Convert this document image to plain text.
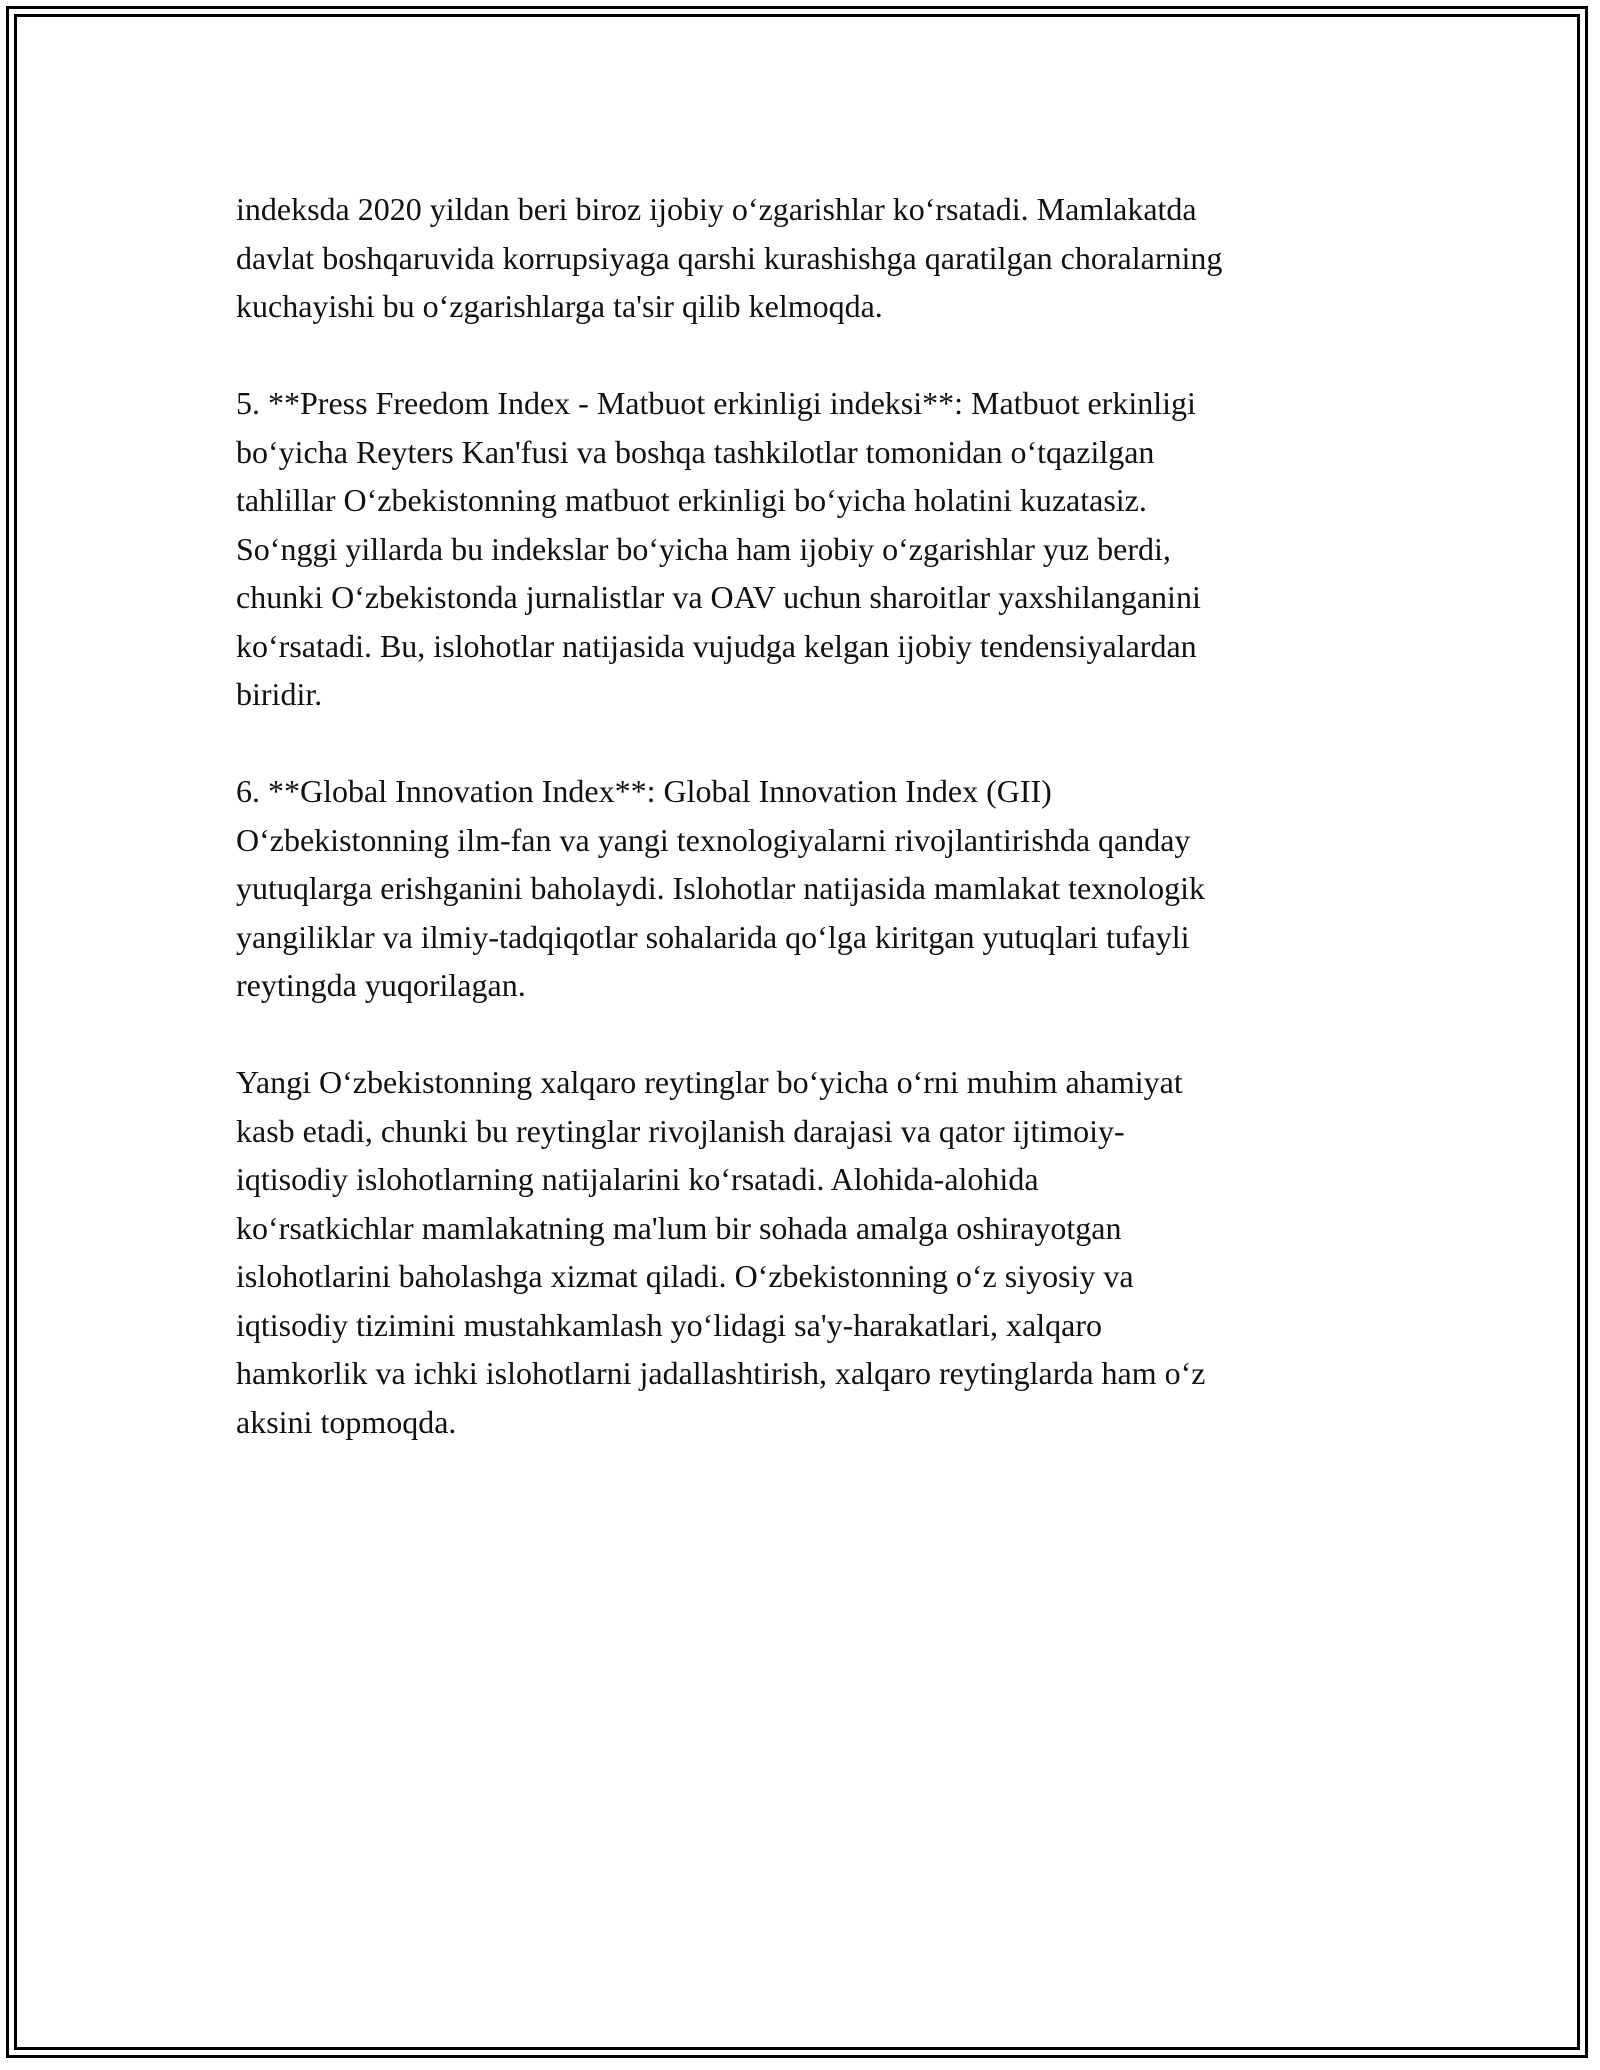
indeksda 2020 yildan beri biroz ijobiy o‘zgarishlar ko‘rsatadi. Mamlakatda
davlat boshqaruvida korrupsiyaga qarshi kurashishga qaratilgan choralarning
kuchayishi bu o‘zgarishlarga ta'sir qilib kelmoqda.

5. **Press Freedom Index - Matbuot erkinligi indeksi**: Matbuot erkinligi
bo‘yicha Reyters Kan'fusi va boshqa tashkilotlar tomonidan o‘tqazilgan
tahlillar O‘zbekistonning matbuot erkinligi bo‘yicha holatini kuzatasiz.
So‘nggi yillarda bu indekslar bo‘yicha ham ijobiy o‘zgarishlar yuz berdi,
chunki O‘zbekistonda jurnalistlar va OAV uchun sharoitlar yaxshilanganini
ko‘rsatadi. Bu, islohotlar natijasida vujudga kelgan ijobiy tendensiyalardan
biridir.

6. **Global Innovation Index**: Global Innovation Index (GII)
O‘zbekistonning ilm-fan va yangi texnologiyalarni rivojlantirishda qanday
yutuqlarga erishganini baholaydi. Islohotlar natijasida mamlakat texnologik
yangiliklar va ilmiy-tadqiqotlar sohalarida qo‘lga kiritgan yutuqlari tufayli
reytingda yuqorilagan.

Yangi O‘zbekistonning xalqaro reytinglar bo‘yicha o‘rni muhim ahamiyat
kasb etadi, chunki bu reytinglar rivojlanish darajasi va qator ijtimoiy-
iqtisodiy islohotlarning natijalarini ko‘rsatadi. Alohida-alohida
ko‘rsatkichlar mamlakatning ma'lum bir sohada amalga oshirayotgan
islohotlarini baholashga xizmat qiladi. O‘zbekistonning o‘z siyosiy va
iqtisodiy tizimini mustahkamlash yo‘lidagi sa'y-harakatlari, xalqaro
hamkorlik va ichki islohotlarni jadallashtirish, xalqaro reytinglarda ham o‘z
aksini topmoqda.
